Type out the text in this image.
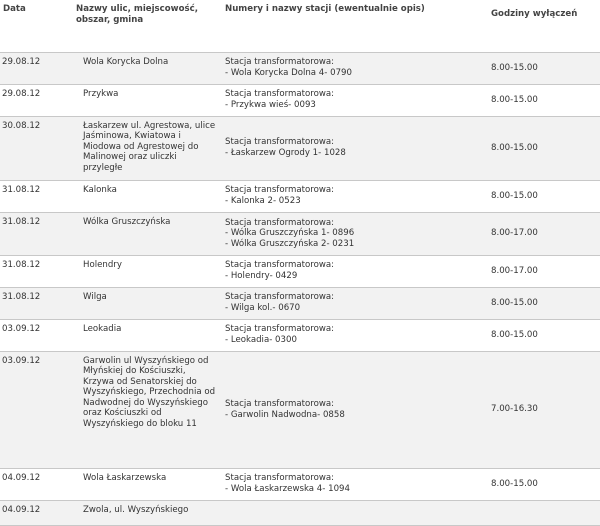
Data	Nazwy ulic, miejscowość, obszar, gmina	Numery i nazwy stacji (ewentualnie opis)	Godziny wyłączeń
29.08.12	Wola Korycka Dolna	Stacja transformatorowa:
- Wola Korycka Dolna 4- 0790	8.00-15.00
29.08.12	Przykwa	Stacja transformatorowa:
- Przykwa wieś- 0093	8.00-15.00
30.08.12	Łaskarzew ul. Agrestowa, ulice Jaśminowa, Kwiatowa i Miodowa od Agrestowej do Malinowej oraz uliczki przyległe	Stacja transformatorowa:
- Łaskarzew Ogrody 1- 1028	8.00-15.00
31.08.12	Kalonka	Stacja transformatorowa:
- Kalonka 2- 0523	8.00-15.00
31.08.12	Wólka Gruszczyńska	Stacja transformatorowa:
- Wólka Gruszczyńska 1- 0896
- Wólka Gruszczyńska 2- 0231	8.00-17.00
31.08.12	Holendry	Stacja transformatorowa:
- Holendry- 0429	8.00-17.00
31.08.12	Wilga	Stacja transformatorowa:
- Wilga kol.- 0670	8.00-15.00
03.09.12	Leokadia	Stacja transformatorowa:
- Leokadia- 0300	8.00-15.00
03.09.12	Garwolin ul Wyszyńskiego od Młyńskiej do Kościuszki, Krzywa od Senatorskiej do Wyszyńskiego, Przechodnia od Nadwodnej do Wyszyńskiego oraz Kościuszki od Wyszyńskiego do bloku 11	Stacja transformatorowa:
- Garwolin Nadwodna- 0858	7.00-16.30
04.09.12	Wola Łaskarzewska	Stacja transformatorowa:
- Wola Łaskarzewska 4- 1094	8.00-15.00
04.09.12	Zwola, ul. Wyszyńskiego		
